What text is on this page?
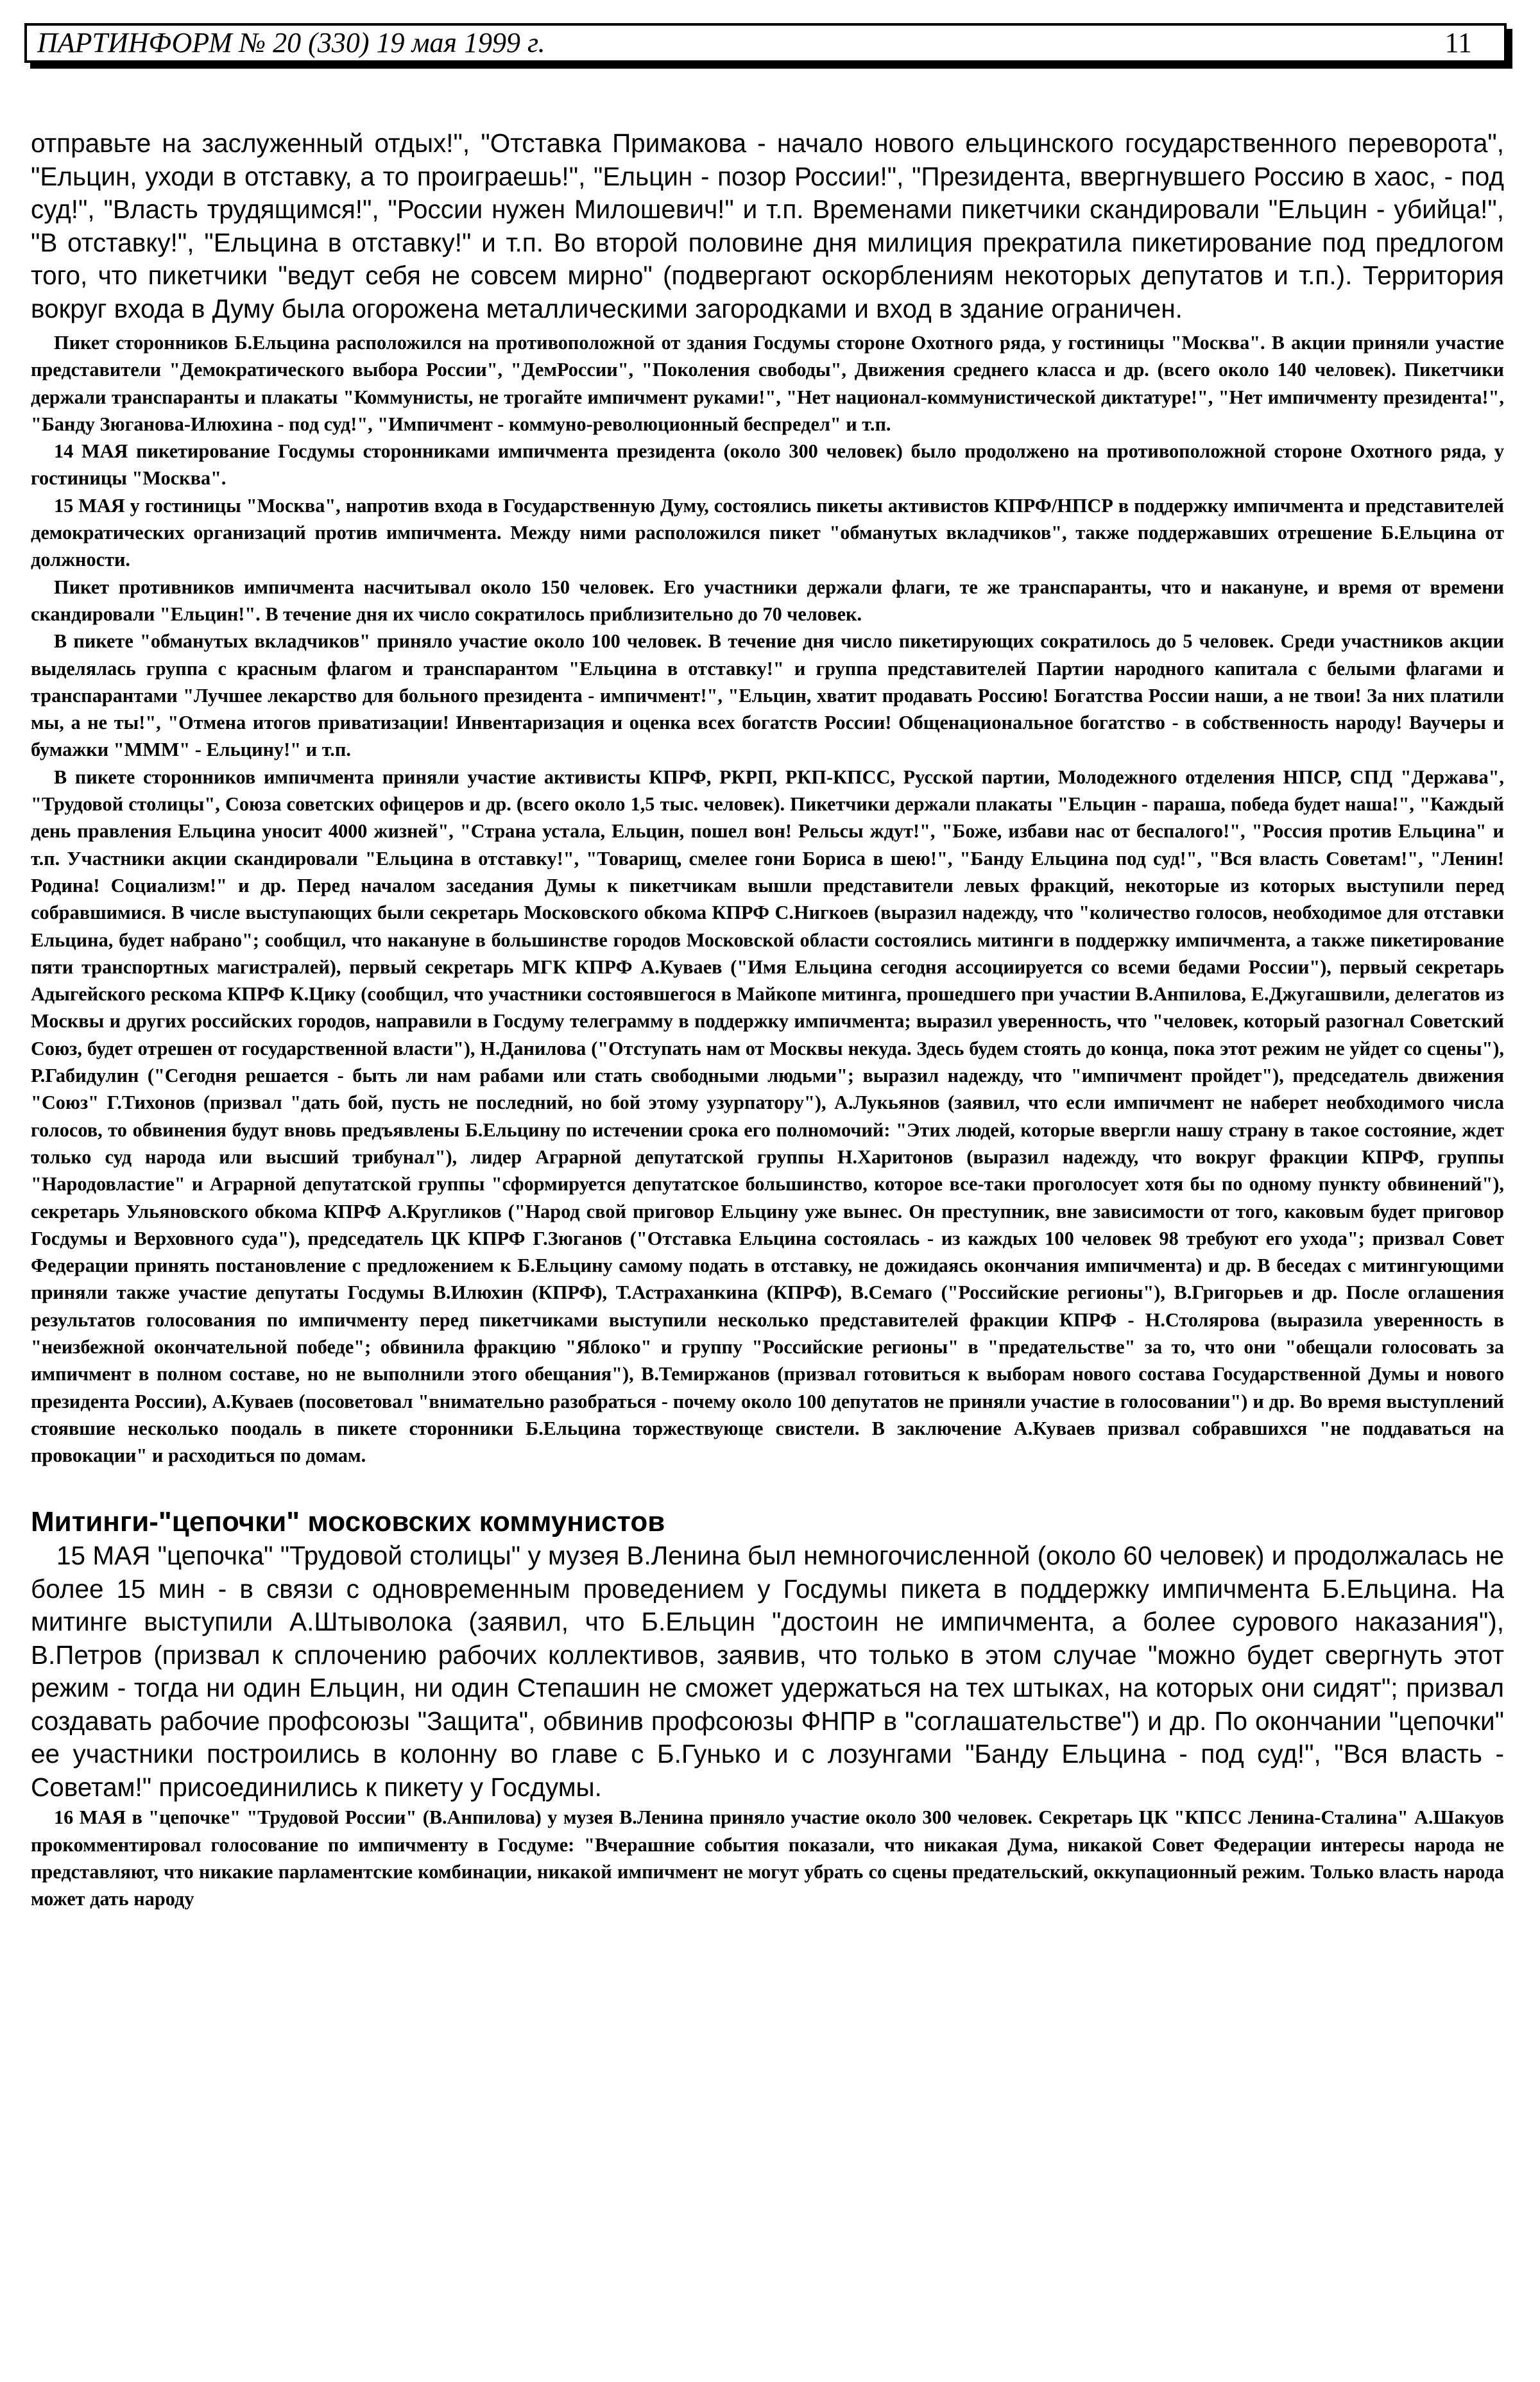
ПАРТИНФОРМ № 20 (330) 19 мая 1999 г.	11

отправьте на заслуженный отдых!", "Отставка Примакова - начало нового ельцинского государственного переворота", "Ельцин, уходи в отставку, а то проиграешь!", "Ельцин - позор России!", "Президента, ввергнувшего Россию в хаос, - под суд!", "Власть трудящимся!", "России нужен Милошевич!" и т.п. Временами пикетчики скандировали "Ельцин - убийца!", "В отставку!", "Ельцина в отставку!" и т.п. Во второй половине дня милиция прекратила пикетирование под предлогом того, что пикетчики "ведут себя не совсем мирно" (подвергают оскорблениям некоторых депутатов и т.п.). Территория вокруг входа в Думу была огорожена металлическими загородками и вход в здание ограничен.

Пикет сторонников Б.Ельцина расположился на противоположной от здания Госдумы стороне Охотного ряда, у гостиницы "Москва". В акции приняли участие представители "Демократического выбора России", "ДемРоссии", "Поколения свободы", Движения среднего класса и др. (всего около 140 человек). Пикетчики держали транспаранты и плакаты "Коммунисты, не трогайте импичмент руками!", "Нет национал-коммунистической диктатуре!", "Нет импичменту президента!", "Банду Зюганова-Илюхина - под суд!", "Импичмент - коммуно-революционный беспредел" и т.п.

14 МАЯ пикетирование Госдумы сторонниками импичмента президента (около 300 человек) было продолжено на противоположной стороне Охотного ряда, у гостиницы "Москва".

15 МАЯ у гостиницы "Москва", напротив входа в Государственную Думу, состоялись пикеты активистов КПРФ/НПСР в поддержку импичмента и представителей демократических организаций против импичмента. Между ними расположился пикет "обманутых вкладчиков", также поддержавших отрешение Б.Ельцина от должности.

Пикет противников импичмента насчитывал около 150 человек. Его участники держали флаги, те же транспаранты, что и накануне, и время от времени скандировали "Ельцин!". В течение дня их число сократилось приблизительно до 70 человек.

В пикете "обманутых вкладчиков" приняло участие около 100 человек. В течение дня число пикетирующих сократилось до 5 человек. Среди участников акции выделялась группа с красным флагом и транспарантом "Ельцина в отставку!" и группа представителей Партии народного капитала с белыми флагами и транспарантами "Лучшее лекарство для больного президента - импичмент!", "Ельцин, хватит продавать Россию! Богатства России наши, а не твои! За них платили мы, а не ты!", "Отмена итогов приватизации! Инвентаризация и оценка всех богатств России! Общенациональное богатство - в собственность народу! Ваучеры и бумажки "МММ" - Ельцину!" и т.п.

В пикете сторонников импичмента приняли участие активисты КПРФ, РКРП, РКП-КПСС, Русской партии, Молодежного отделения НПСР, СПД "Держава", "Трудовой столицы", Союза советских офицеров и др. (всего около 1,5 тыс. человек). Пикетчики держали плакаты "Ельцин - параша, победа будет наша!", "Каждый день правления Ельцина уносит 4000 жизней", "Страна устала, Ельцин, пошел вон! Рельсы ждут!", "Боже, избави нас от беспалого!", "Россия против Ельцина" и т.п. Участники акции скандировали "Ельцина в отставку!", "Товарищ, смелее гони Бориса в шею!", "Банду Ельцина под суд!", "Вся власть Советам!", "Ленин! Родина! Социализм!" и др. Перед началом заседания Думы к пикетчикам вышли представители левых фракций, некоторые из которых выступили перед собравшимися. В числе выступающих были секретарь Московского обкома КПРФ С.Нигкоев (выразил надежду, что "количество голосов, необходимое для отставки Ельцина, будет набрано"; сообщил, что накануне в большинстве городов Московской области состоялись митинги в поддержку импичмента, а также пикетирование пяти транспортных магистралей), первый секретарь МГК КПРФ А.Куваев ("Имя Ельцина сегодня ассоциируется со всеми бедами России"), первый секретарь Адыгейского рескома КПРФ К.Цику (сообщил, что участники состоявшегося в Майкопе митинга, прошедшего при участии В.Анпилова, Е.Джугашвили, делегатов из Москвы и других российских городов, направили в Госдуму телеграмму в поддержку импичмента; выразил уверенность, что "человек, который разогнал Советский Союз, будет отрешен от государственной власти"), Н.Данилова ("Отступать нам от Москвы некуда. Здесь будем стоять до конца, пока этот режим не уйдет со сцены"), Р.Габидулин ("Сегодня решается - быть ли нам рабами или стать свободными людьми"; выразил надежду, что "импичмент пройдет"), председатель движения "Союз" Г.Тихонов (призвал "дать бой, пусть не последний, но бой этому узурпатору"), А.Лукьянов (заявил, что если импичмент не наберет необходимого числа голосов, то обвинения будут вновь предъявлены Б.Ельцину по истечении срока его полномочий: "Этих людей, которые ввергли нашу страну в такое состояние, ждет только суд народа или высший трибунал"), лидер Аграрной депутатской группы Н.Харитонов (выразил надежду, что вокруг фракции КПРФ, группы "Народовластие" и Аграрной депутатской группы "сформируется депутатское большинство, которое все-таки проголосует хотя бы по одному пункту обвинений"), секретарь Ульяновского обкома КПРФ А.Кругликов ("Народ свой приговор Ельцину уже вынес. Он преступник, вне зависимости от того, каковым будет приговор Госдумы и Верховного суда"), председатель ЦК КПРФ Г.Зюганов ("Отставка Ельцина состоялась - из каждых 100 человек 98 требуют его ухода"; призвал Совет Федерации принять постановление с предложением к Б.Ельцину самому подать в отставку, не дожидаясь окончания импичмента) и др. В беседах с митингующими приняли также участие депутаты Госдумы В.Илюхин (КПРФ), Т.Астраханкина (КПРФ), В.Семаго ("Российские регионы"), В.Григорьев и др. После оглашения результатов голосования по импичменту перед пикетчиками выступили несколько представителей фракции КПРФ - Н.Столярова (выразила уверенность в "неизбежной окончательной победе"; обвинила фракцию "Яблоко" и группу "Российские регионы" в "предательстве" за то, что они "обещали голосовать за импичмент в полном составе, но не выполнили этого обещания"), В.Темиржанов (призвал готовиться к выборам нового состава Государственной Думы и нового президента России), А.Куваев (посоветовал "внимательно разобраться - почему около 100 депутатов не приняли участие в голосовании") и др. Во время выступлений стоявшие несколько поодаль в пикете сторонники Б.Ельцина торжествующе свистели. В заключение А.Куваев призвал собравшихся "не поддаваться на провокации" и расходиться по домам.

Митинги-"цепочки" московских коммунистов

15 МАЯ "цепочка" "Трудовой столицы" у музея В.Ленина был немногочисленной (около 60 человек) и продолжалась не более 15 мин - в связи с одновременным проведением у Госдумы пикета в поддержку импичмента Б.Ельцина. На митинге выступили А.Штыволока (заявил, что Б.Ельцин "достоин не импичмента, а более сурового наказания"), В.Петров (призвал к сплочению рабочих коллективов, заявив, что только в этом случае "можно будет свергнуть этот режим - тогда ни один Ельцин, ни один Степашин не сможет удержаться на тех штыках, на которых они сидят"; призвал создавать рабочие профсоюзы "Защита", обвинив профсоюзы ФНПР в "соглашательстве") и др. По окончании "цепочки" ее участники построились в колонну во главе с Б.Гунько и с лозунгами "Банду Ельцина - под суд!", "Вся власть - Советам!" присоединились к пикету у Госдумы.

16 МАЯ в "цепочке" "Трудовой России" (В.Анпилова) у музея В.Ленина приняло участие около 300 человек. Секретарь ЦК "КПСС Ленина-Сталина" А.Шакуов прокомментировал голосование по импичменту в Госдуме: "Вчерашние события показали, что никакая Дума, никакой Совет Федерации интересы народа не представляют, что никакие парламентские комбинации, никакой импичмент не могут убрать со сцены предательский, оккупационный режим. Только власть народа может дать народу
